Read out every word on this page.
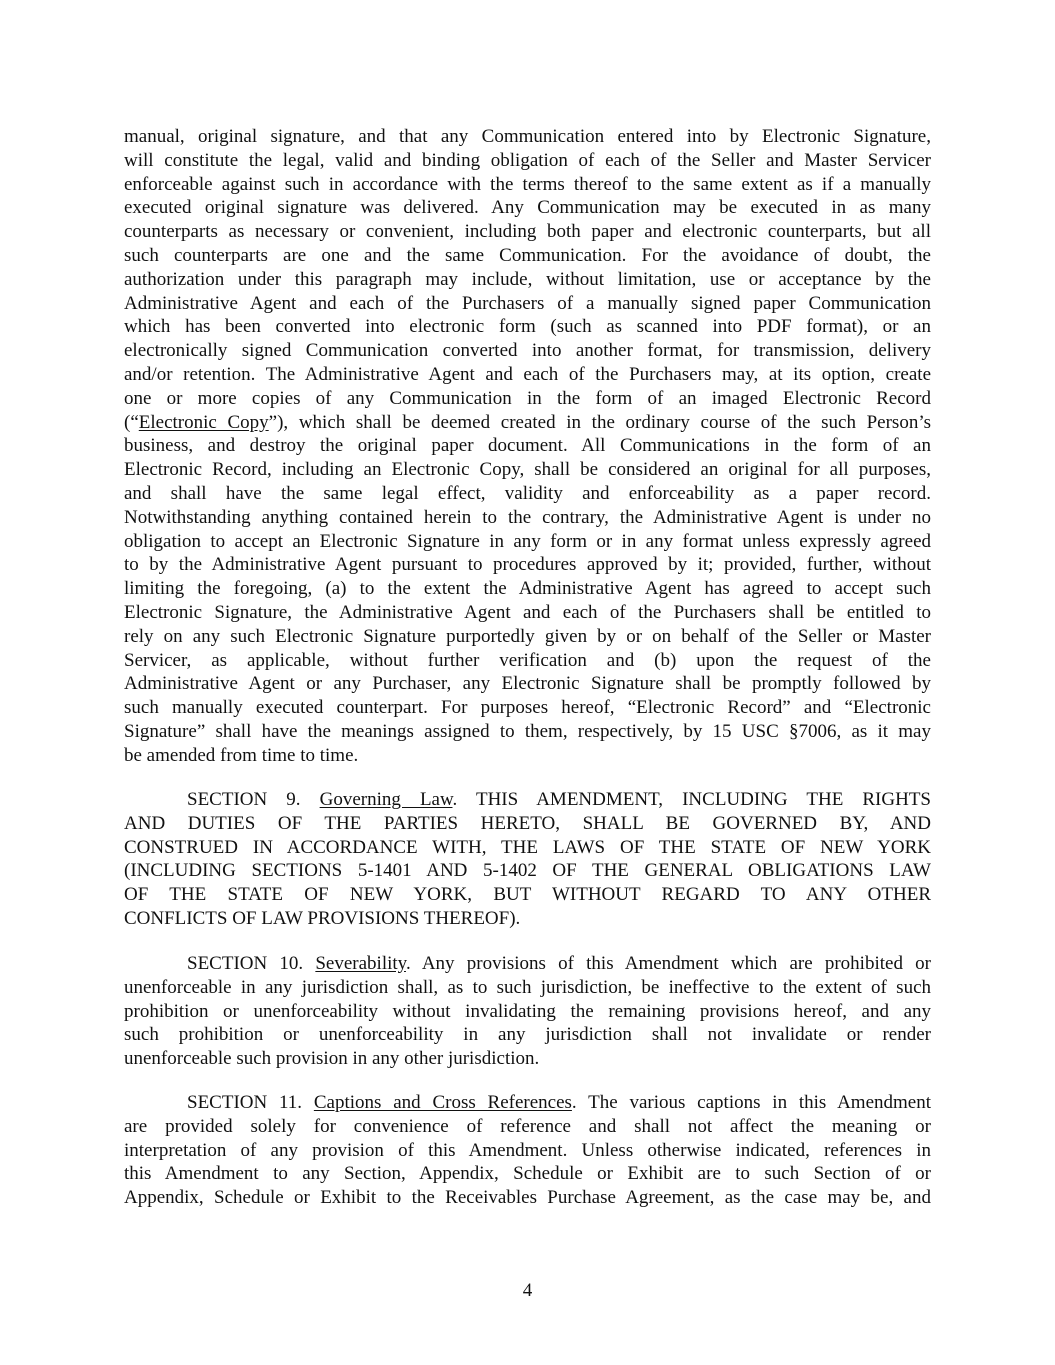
manual, original signature, and that any Communication entered into by Electronic Signature,
will constitute the legal, valid and binding obligation of each of the Seller and Master Servicer
enforceable against such in accordance with the terms thereof to the same extent as if a manually
executed original signature was delivered. Any Communication may be executed in as many
counterparts as necessary or convenient, including both paper and electronic counterparts, but all
such counterparts are one and the same Communication. For the avoidance of doubt, the
authorization under this paragraph may include, without limitation, use or acceptance by the
Administrative Agent and each of the Purchasers of a manually signed paper Communication
which has been converted into electronic form (such as scanned into PDF format), or an
electronically signed Communication converted into another format, for transmission, delivery
and/or retention. The Administrative Agent and each of the Purchasers may, at its option, create
one or more copies of any Communication in the form of an imaged Electronic Record
(“Electronic Copy”), which shall be deemed created in the ordinary course of the such Person’s
business, and destroy the original paper document. All Communications in the form of an
Electronic Record, including an Electronic Copy, shall be considered an original for all purposes,
and shall have the same legal effect, validity and enforceability as a paper record.
Notwithstanding anything contained herein to the contrary, the Administrative Agent is under no
obligation to accept an Electronic Signature in any form or in any format unless expressly agreed
to by the Administrative Agent pursuant to procedures approved by it; provided, further, without
limiting the foregoing, (a) to the extent the Administrative Agent has agreed to accept such
Electronic Signature, the Administrative Agent and each of the Purchasers shall be entitled to
rely on any such Electronic Signature purportedly given by or on behalf of the Seller or Master
Servicer, as applicable, without further verification and (b) upon the request of the
Administrative Agent or any Purchaser, any Electronic Signature shall be promptly followed by
such manually executed counterpart. For purposes hereof, “Electronic Record” and “Electronic
Signature” shall have the meanings assigned to them, respectively, by 15 USC §7006, as it may
be amended from time to time.
SECTION 9. Governing Law. THIS AMENDMENT, INCLUDING THE RIGHTS
AND DUTIES OF THE PARTIES HERETO, SHALL BE GOVERNED BY, AND
CONSTRUED IN ACCORDANCE WITH, THE LAWS OF THE STATE OF NEW YORK
(INCLUDING SECTIONS 5-1401 AND 5-1402 OF THE GENERAL OBLIGATIONS LAW
OF THE STATE OF NEW YORK, BUT WITHOUT REGARD TO ANY OTHER
CONFLICTS OF LAW PROVISIONS THEREOF).
SECTION 10. Severability. Any provisions of this Amendment which are prohibited or
unenforceable in any jurisdiction shall, as to such jurisdiction, be ineffective to the extent of such
prohibition or unenforceability without invalidating the remaining provisions hereof, and any
such prohibition or unenforceability in any jurisdiction shall not invalidate or render
unenforceable such provision in any other jurisdiction.
SECTION 11. Captions and Cross References. The various captions in this Amendment
are provided solely for convenience of reference and shall not affect the meaning or
interpretation of any provision of this Amendment. Unless otherwise indicated, references in
this Amendment to any Section, Appendix, Schedule or Exhibit are to such Section of or
Appendix, Schedule or Exhibit to the Receivables Purchase Agreement, as the case may be, and
4
